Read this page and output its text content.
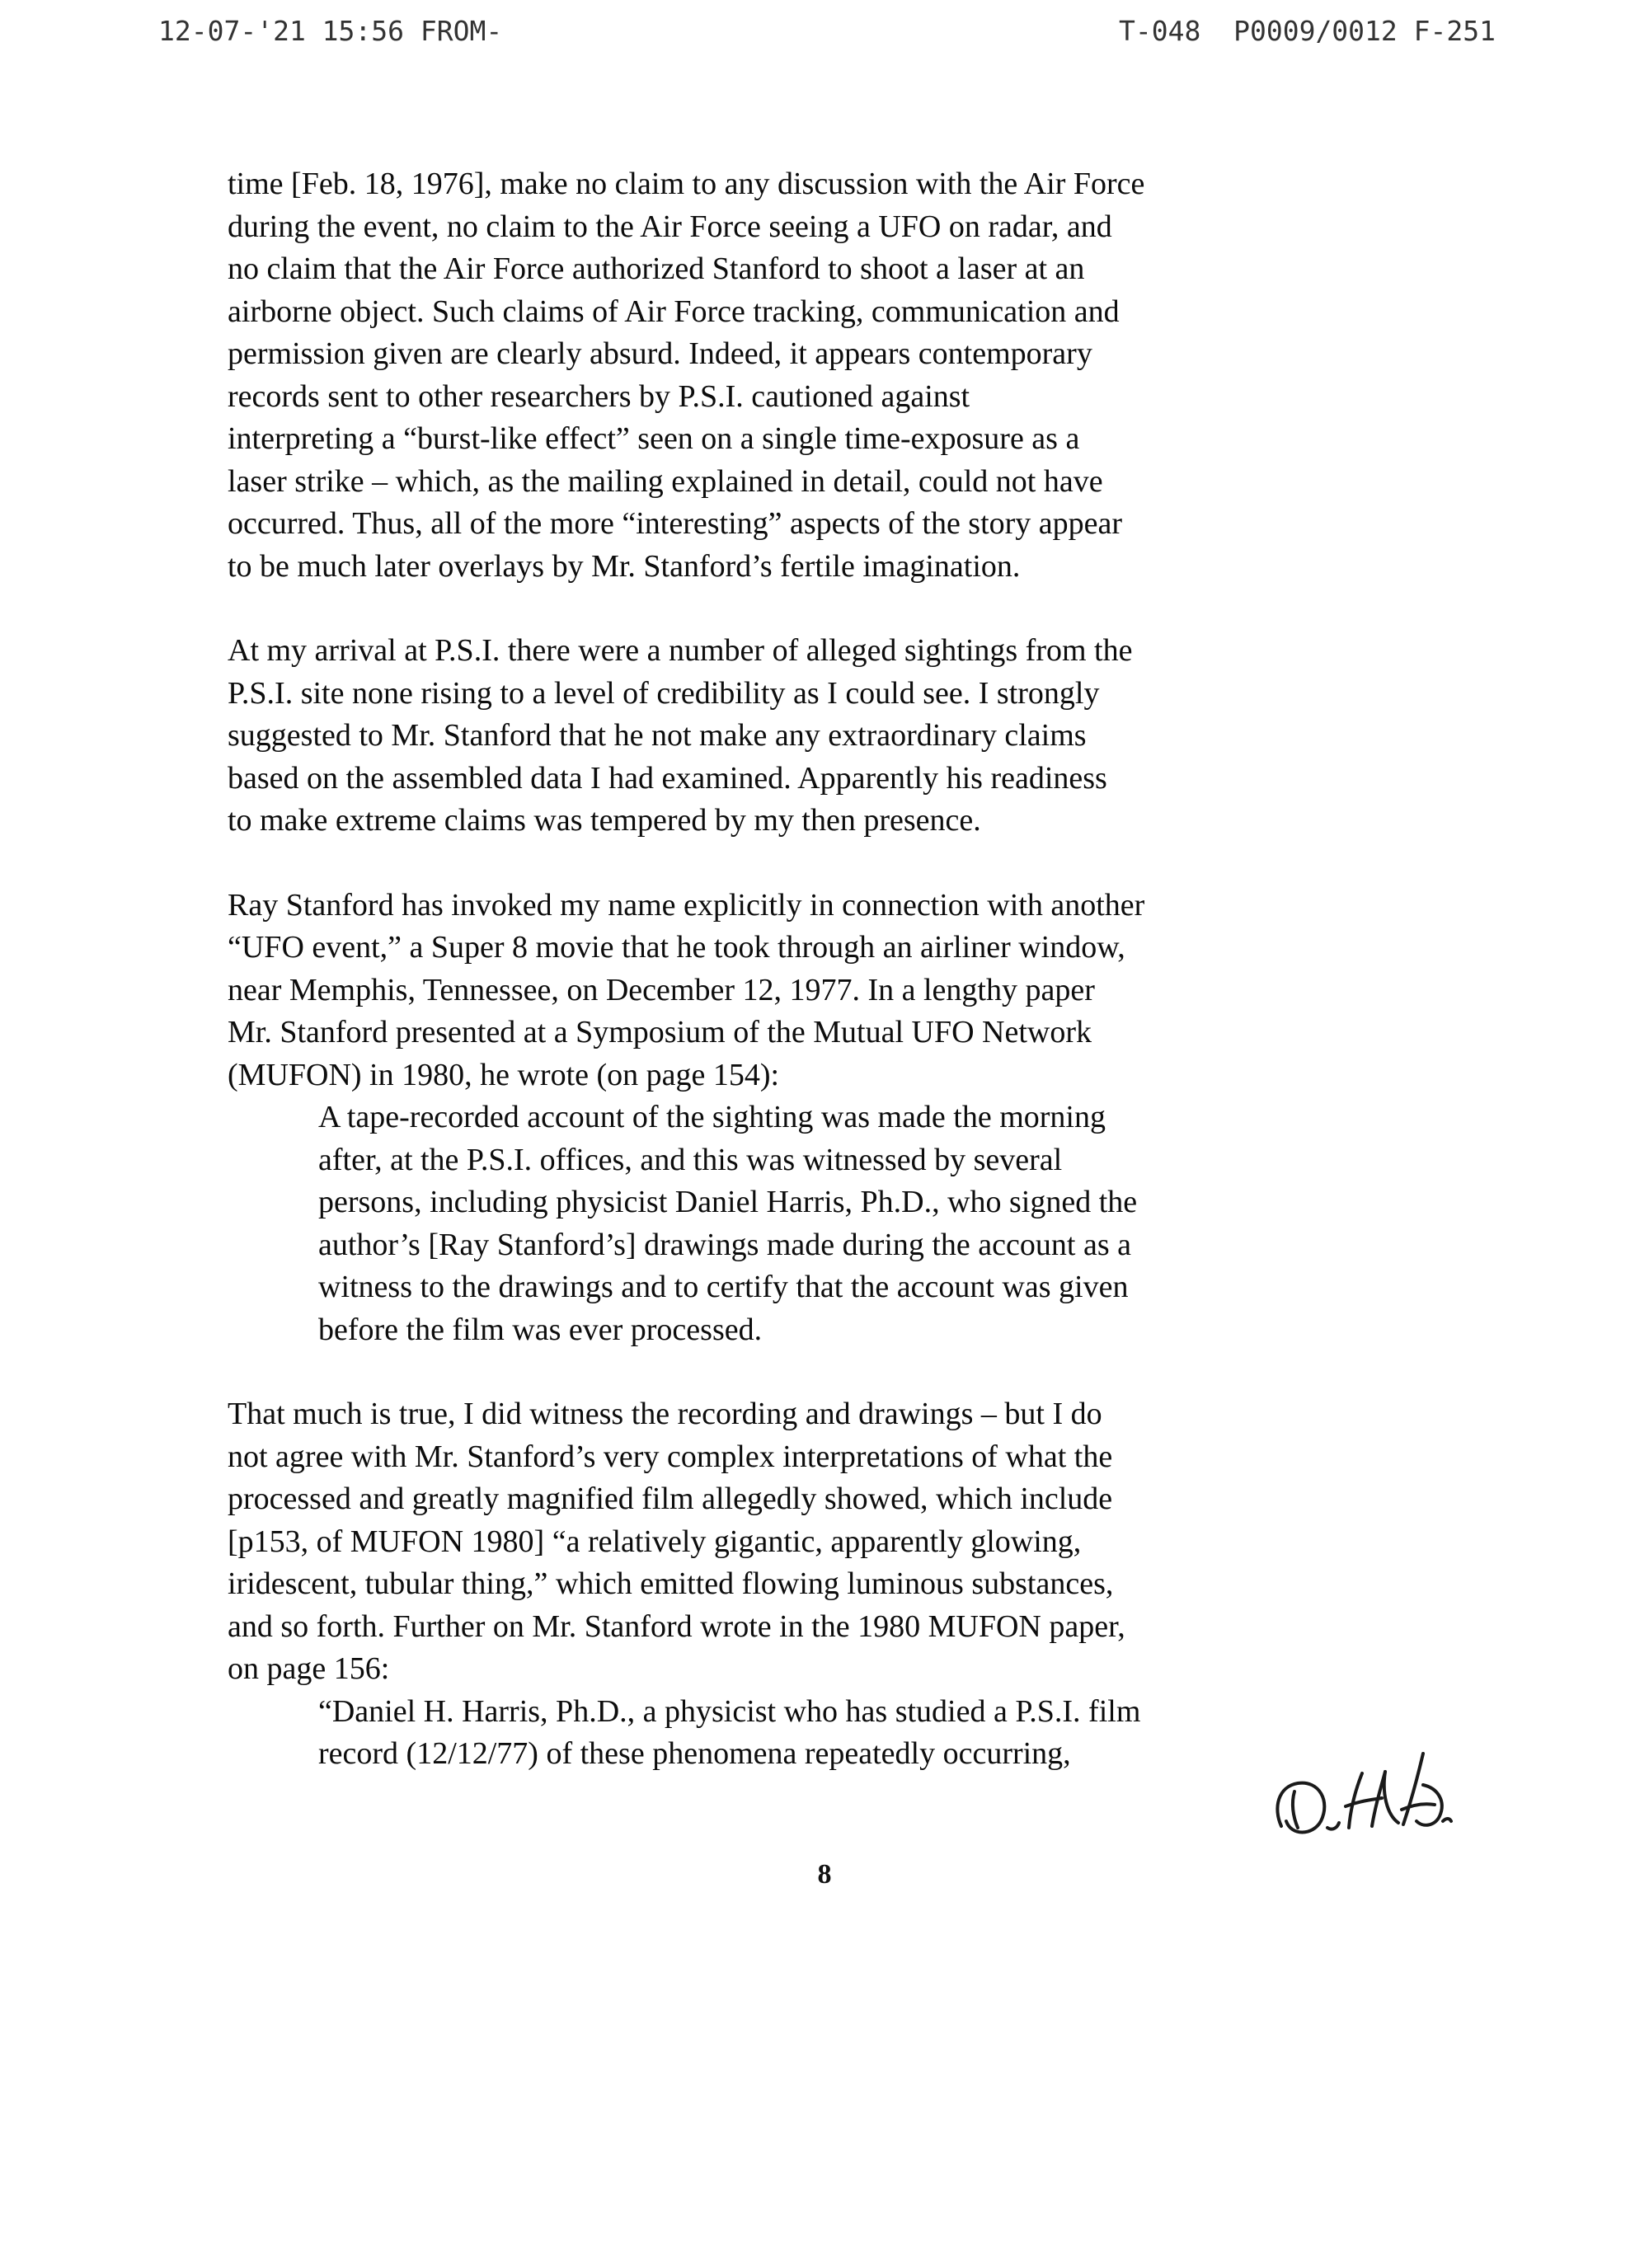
12-07-'21 15:56 FROM-	T-048  P0009/0012 F-251
time [Feb. 18, 1976], make no claim to any discussion with the Air Force
during the event, no claim to the Air Force seeing a UFO on radar, and
no claim that the Air Force authorized Stanford to shoot a laser at an
airborne object. Such claims of Air Force tracking, communication and
permission given are clearly absurd. Indeed, it appears contemporary
records sent to other researchers by P.S.I. cautioned against
interpreting a “burst-like effect” seen on a single time-exposure as a
laser strike – which, as the mailing explained in detail, could not have
occurred. Thus, all of the more “interesting” aspects of the story appear
to be much later overlays by Mr. Stanford’s fertile imagination.
At my arrival at P.S.I. there were a number of alleged sightings from the
P.S.I. site none rising to a level of credibility as I could see. I strongly
suggested to Mr. Stanford that he not make any extraordinary claims
based on the assembled data I had examined. Apparently his readiness
to make extreme claims was tempered by my then presence.
Ray Stanford has invoked my name explicitly in connection with another
“UFO event,” a Super 8 movie that he took through an airliner window,
near Memphis, Tennessee, on December 12, 1977. In a lengthy paper
Mr. Stanford presented at a Symposium of the Mutual UFO Network
(MUFON) in 1980, he wrote (on page 154):
A tape-recorded account of the sighting was made the morning
after, at the P.S.I. offices, and this was witnessed by several
persons, including physicist Daniel Harris, Ph.D., who signed the
author’s [Ray Stanford’s] drawings made during the account as a
witness to the drawings and to certify that the account was given
before the film was ever processed.
That much is true, I did witness the recording and drawings – but I do
not agree with Mr. Stanford’s very complex interpretations of what the
processed and greatly magnified film allegedly showed, which include
[p153, of MUFON 1980] “a relatively gigantic, apparently glowing,
iridescent, tubular thing,” which emitted flowing luminous substances,
and so forth. Further on Mr. Stanford wrote in the 1980 MUFON paper,
on page 156:
“Daniel H. Harris, Ph.D., a physicist who has studied a P.S.I. film
record (12/12/77) of these phenomena repeatedly occurring,
8
